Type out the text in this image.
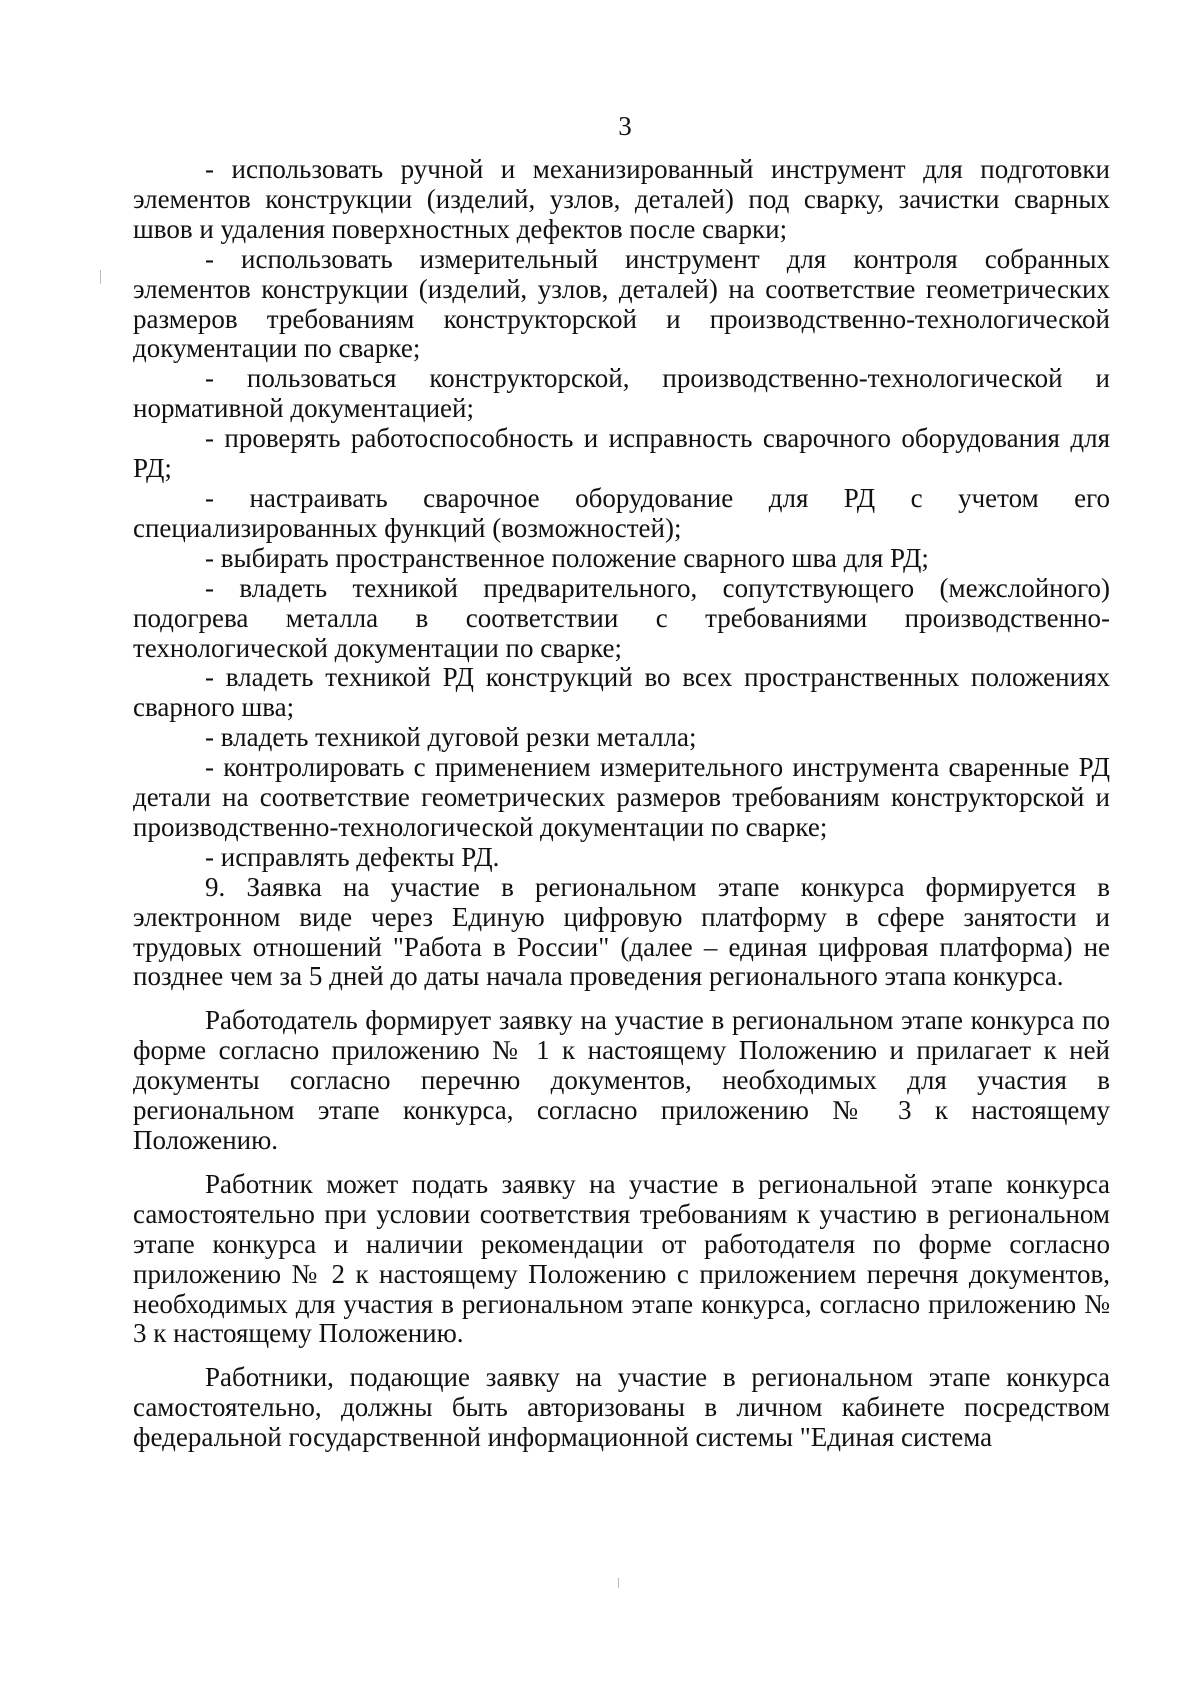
3

- использовать ручной и механизированный инструмент для подготовки элементов конструкции (изделий, узлов, деталей) под сварку, зачистки сварных швов и удаления поверхностных дефектов после сварки;

- использовать измерительный инструмент для контроля собранных элементов конструкции (изделий, узлов, деталей) на соответствие геометрических размеров требованиям конструкторской и производственно-технологической документации по сварке;

- пользоваться конструкторской, производственно-технологической и нормативной документацией;

- проверять работоспособность и исправность сварочного оборудования для РД;

- настраивать сварочное оборудование для РД с учетом его специализированных функций (возможностей);

- выбирать пространственное положение сварного шва для РД;

- владеть техникой предварительного, сопутствующего (межслойного) подогрева металла в соответствии с требованиями производственно-технологической документации по сварке;

- владеть техникой РД конструкций во всех пространственных положениях сварного шва;

- владеть техникой дуговой резки металла;

- контролировать с применением измерительного инструмента сваренные РД детали на соответствие геометрических размеров требованиям конструкторской и производственно-технологической документации по сварке;

- исправлять дефекты РД.

9. Заявка на участие в региональном этапе конкурса формируется в электронном виде через Единую цифровую платформу в сфере занятости и трудовых отношений "Работа в России" (далее – единая цифровая платформа) не позднее чем за 5 дней до даты начала проведения регионального этапа конкурса.

Работодатель формирует заявку на участие в региональном этапе конкурса по форме согласно приложению № 1 к настоящему Положению и прилагает к ней документы согласно перечню документов, необходимых для участия в региональном этапе конкурса, согласно приложению № 3 к настоящему Положению.

Работник может подать заявку на участие в региональной этапе конкурса самостоятельно при условии соответствия требованиям к участию в региональном этапе конкурса и наличии рекомендации от работодателя по форме согласно приложению № 2 к настоящему Положению с приложением перечня документов, необходимых для участия в региональном этапе конкурса, согласно приложению № 3 к настоящему Положению.

Работники, подающие заявку на участие в региональном этапе конкурса самостоятельно, должны быть авторизованы в личном кабинете посредством федеральной государственной информационной системы "Единая система
